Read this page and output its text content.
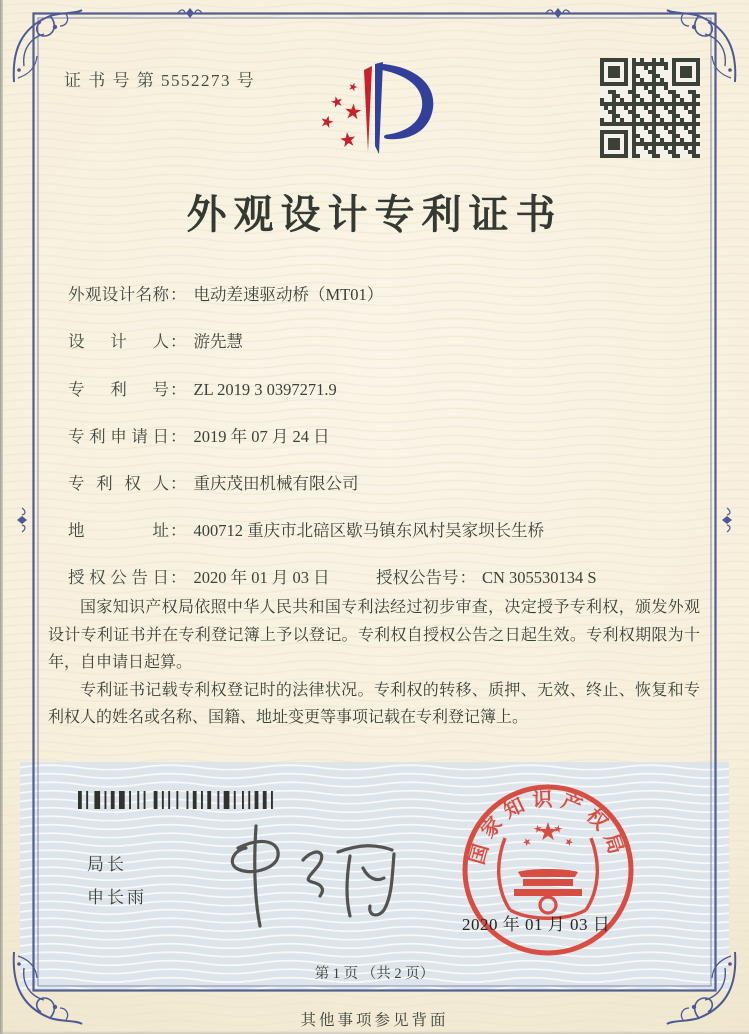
证 书 号 第 5552273 号
外观设计专利证书
外观设计名称： 电动差速驱动桥（MT01）
设计人： 游先慧
专利号： ZL 2019 3 0397271.9
专利申请日： 2019 年 07 月 24 日
专利权人： 重庆茂田机械有限公司
地址： 400712 重庆市北碚区歇马镇东风村吴家坝长生桥
授权公告日： 2020 年 01 月 03 日	授权公告号： CN 305530134 S

国家知识产权局依照中华人民共和国专利法经过初步审查，决定授予专利权，颁发外观设计专利证书并在专利登记簿上予以登记。专利权自授权公告之日起生效。专利权期限为十年，自申请日起算。

专利证书记载专利权登记时的法律状况。专利权的转移、质押、无效、终止、恢复和专利权人的姓名或名称、国籍、地址变更等事项记载在专利登记簿上。

局长
申长雨
国家知识产权局
2020 年 01 月 03 日
第 1 页 （共 2 页）
其他事项参见背面
